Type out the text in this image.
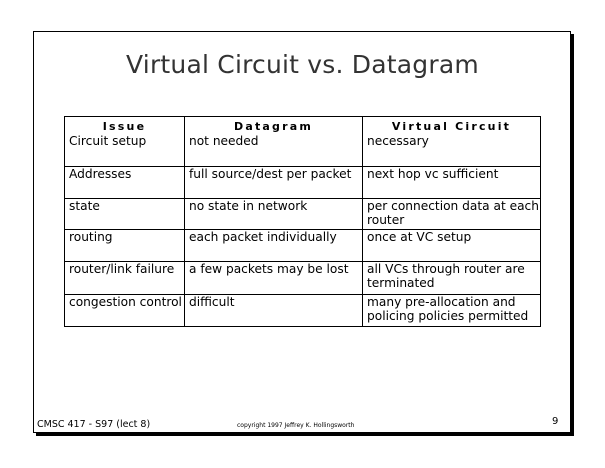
Virtual Circuit vs. Datagram
Issue	Datagram	Virtual Circuit
Circuit setup	not needed	necessary
Addresses	full source/dest per packet	next hop vc sufficient
state	no state in network	per connection data at each router
routing	each packet individually	once at VC setup
router/link failure	a few packets may be lost	all VCs through router are terminated
congestion control	difficult	many pre-allocation and policing policies permitted
CMSC 417 - S97 (lect 8)	copyright 1997 Jeffrey K. Hollingsworth	9
